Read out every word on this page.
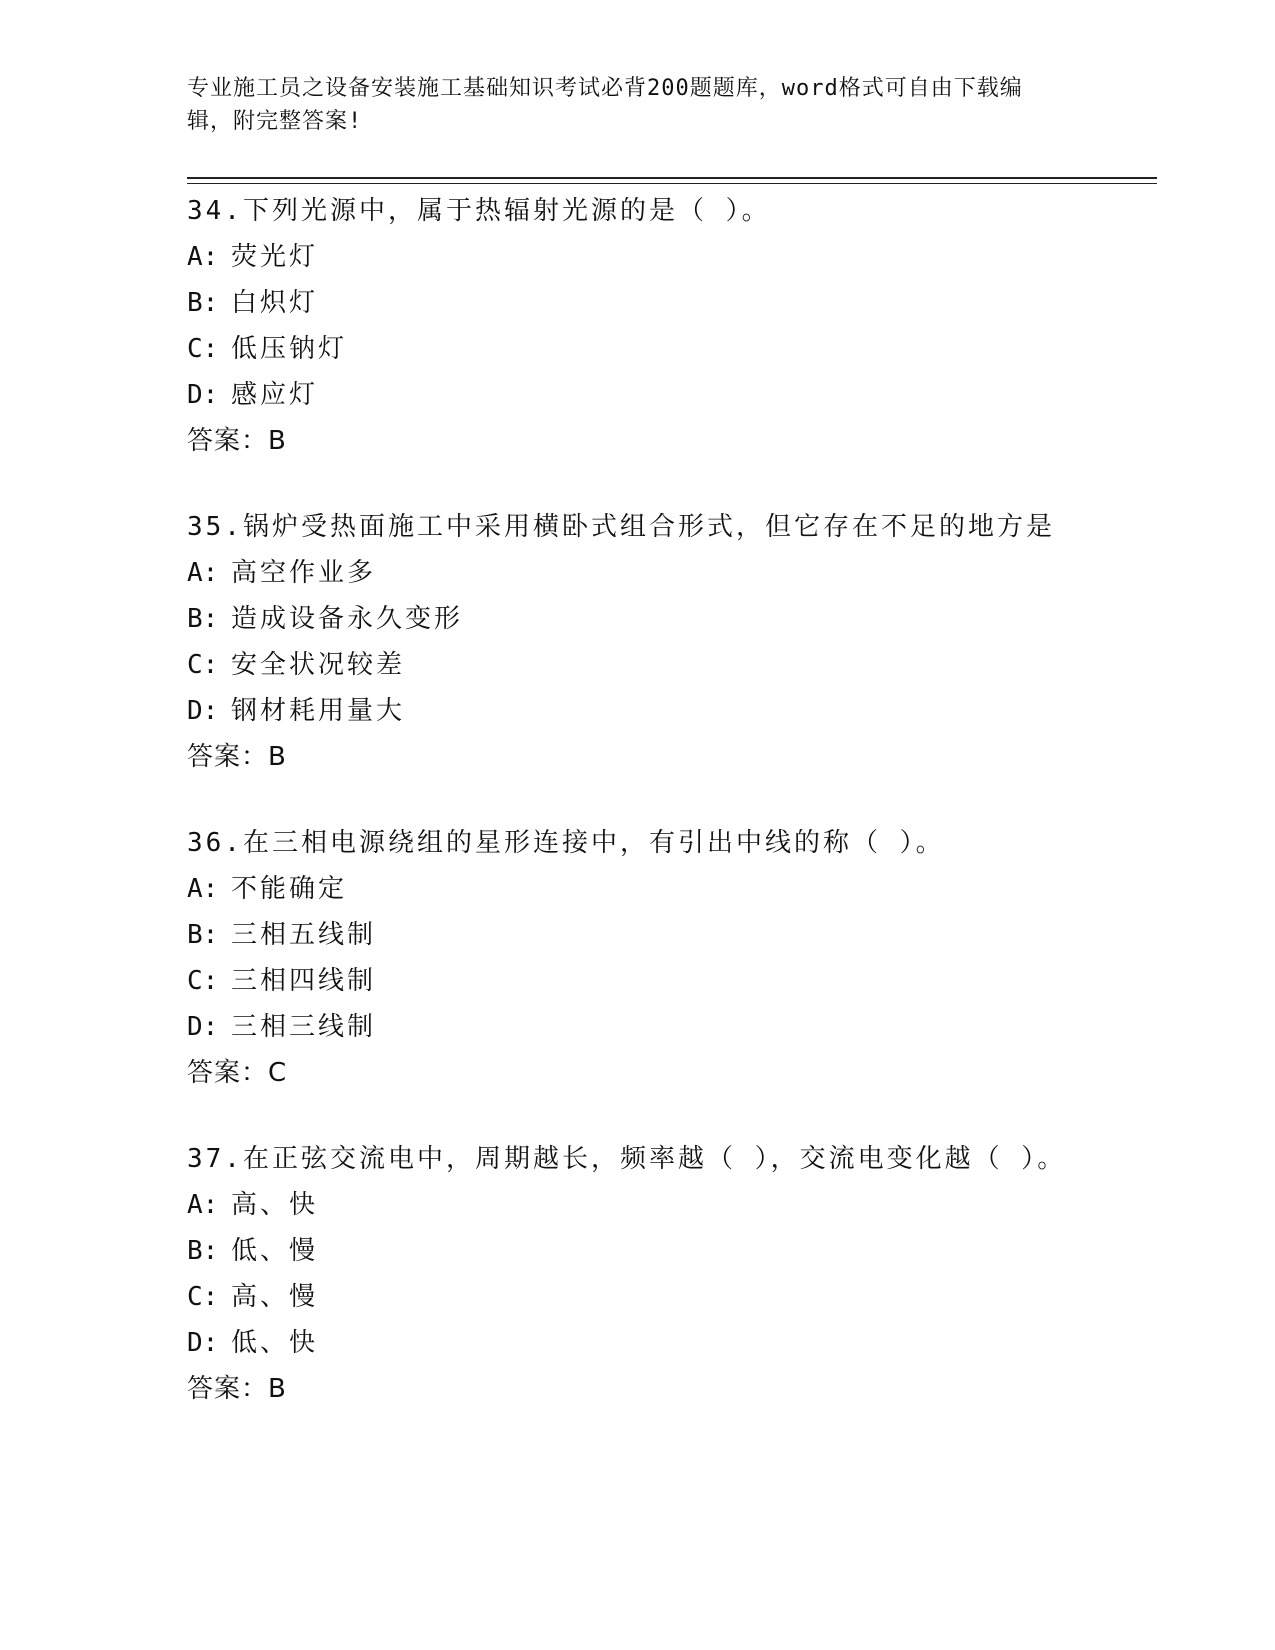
专业施工员之设备安装施工基础知识考试必背200题题库，word格式可自由下载编辑，附完整答案!
34.下列光源中，属于热辐射光源的是（ ）。
A: 荧光灯
B: 白炽灯
C: 低压钠灯
D: 感应灯
答案：B
35.锅炉受热面施工中采用横卧式组合形式，但它存在不足的地方是
A: 高空作业多
B: 造成设备永久变形
C: 安全状况较差
D: 钢材耗用量大
答案：B
36.在三相电源绕组的星形连接中，有引出中线的称（ ）。
A: 不能确定
B: 三相五线制
C: 三相四线制
D: 三相三线制
答案：C
37.在正弦交流电中，周期越长，频率越（ ），交流电变化越（ ）。
A: 高、快
B: 低、慢
C: 高、慢
D: 低、快
答案：B
